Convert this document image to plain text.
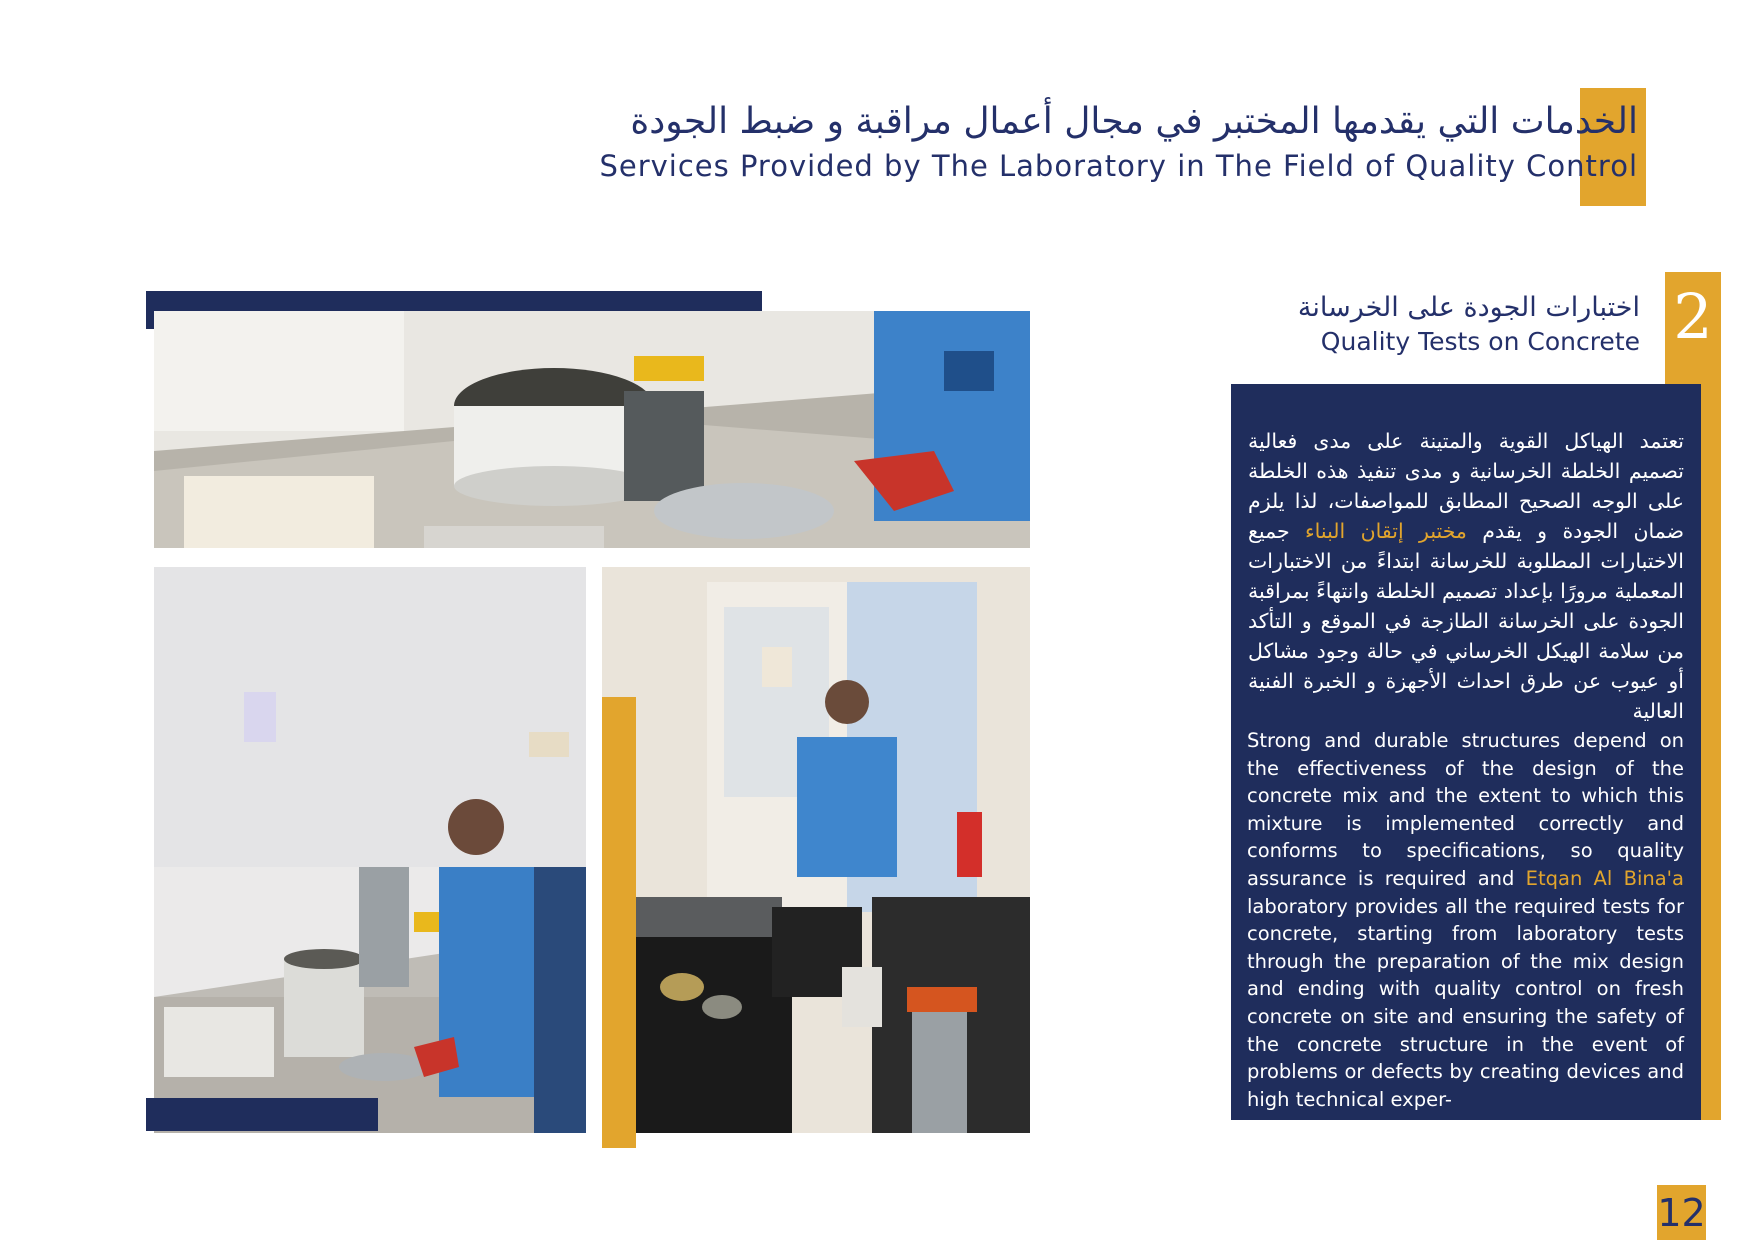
الخدمات التي يقدمها المختبر في مجال أعمال مراقبة و ضبط الجودة
Services Provided by The Laboratory in The Field of Quality Control
2
اختبارات الجودة على الخرسانة
Quality Tests on Concrete

تعتمد الهياكل القوية والمتينة على مدى فعالية تصميم الخلطة الخرسانية و مدى تنفيذ هذه الخلطة على الوجه الصحيح المطابق للمواصفات، لذا يلزم ضمان الجودة و يقدم مختبر إتقان البناء جميع الاختبارات المطلوبة للخرسانة ابتداءً من الاختبارات المعملية مرورًا بإعداد تصميم الخلطة وانتهاءً بمراقبة الجودة على الخرسانة الطازجة في الموقع و التأكد من سلامة الهيكل الخرساني في حالة وجود مشاكل أو عيوب عن طرق احداث الأجهزة و الخبرة الفنية العالية

Strong and durable structures depend on the effectiveness of the design of the concrete mix and the extent to which this mixture is implemented correctly and conforms to specifications, so quality assurance is required and Etqan Al Bina'a laboratory provides all the required tests for concrete, starting from laboratory tests through the preparation of the mix design and ending with quality control on fresh concrete on site and ensuring the safety of the concrete structure in the event of problems or defects by creating devices and high technical exper-

12
